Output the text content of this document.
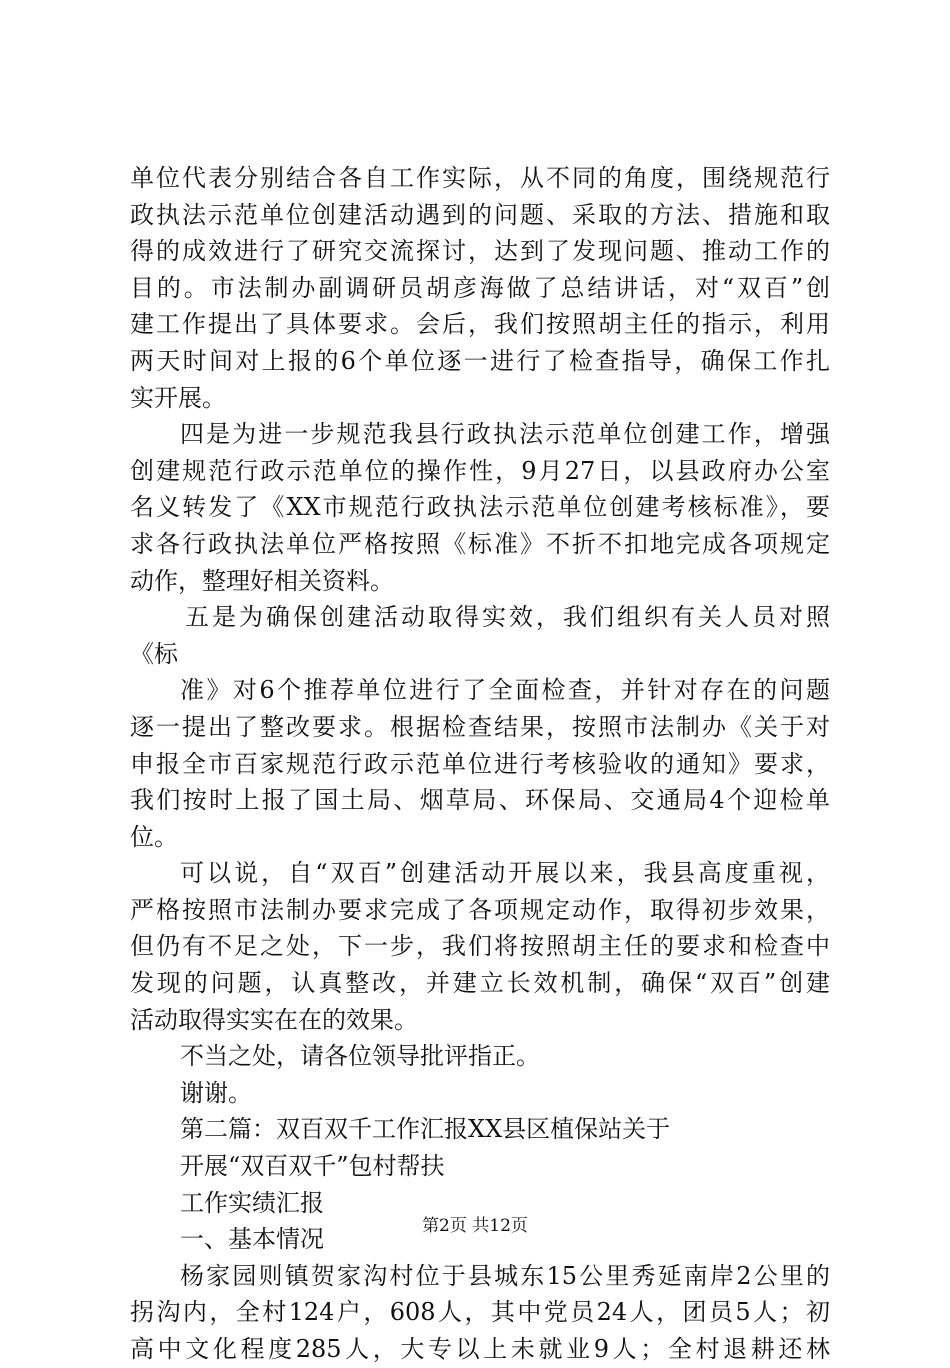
单位代表分别结合各自工作实际，从不同的角度，围绕规范行
政执法示范单位创建活动遇到的问题、采取的方法、措施和取
得的成效进行了研究交流探讨，达到了发现问题、推动工作的
目的。市法制办副调研员胡彦海做了总结讲话，对“双百”创
建工作提出了具体要求。会后，我们按照胡主任的指示，利用
两天时间对上报的6个单位逐一进行了检查指导，确保工作扎
实开展。
四是为进一步规范我县行政执法示范单位创建工作，增强
创建规范行政示范单位的操作性，9月27日，以县政府办公室
名义转发了《XX市规范行政执法示范单位创建考核标准》，要
求各行政执法单位严格按照《标准》不折不扣地完成各项规定
动作，整理好相关资料。
五是为确保创建活动取得实效，我们组织有关人员对照
《标
准》对6个推荐单位进行了全面检查，并针对存在的问题
逐一提出了整改要求。根据检查结果，按照市法制办《关于对
申报全市百家规范行政示范单位进行考核验收的通知》要求，
我们按时上报了国土局、烟草局、环保局、交通局4个迎检单
位。
可以说，自“双百”创建活动开展以来，我县高度重视，
严格按照市法制办要求完成了各项规定动作，取得初步效果，
但仍有不足之处，下一步，我们将按照胡主任的要求和检查中
发现的问题，认真整改，并建立长效机制，确保“双百”创建
活动取得实实在在的效果。
不当之处，请各位领导批评指正。
谢谢。
第二篇：双百双千工作汇报XX县区植保站关于
开展“双百双千”包村帮扶
工作实绩汇报
一、基本情况
杨家园则镇贺家沟村位于县城东15公里秀延南岸2公里的
拐沟内，全村124户，608人，其中党员24人，团员5人；初
高中文化程度285人，大专以上未就业9人；全村退耕还林
第2页 共12页
